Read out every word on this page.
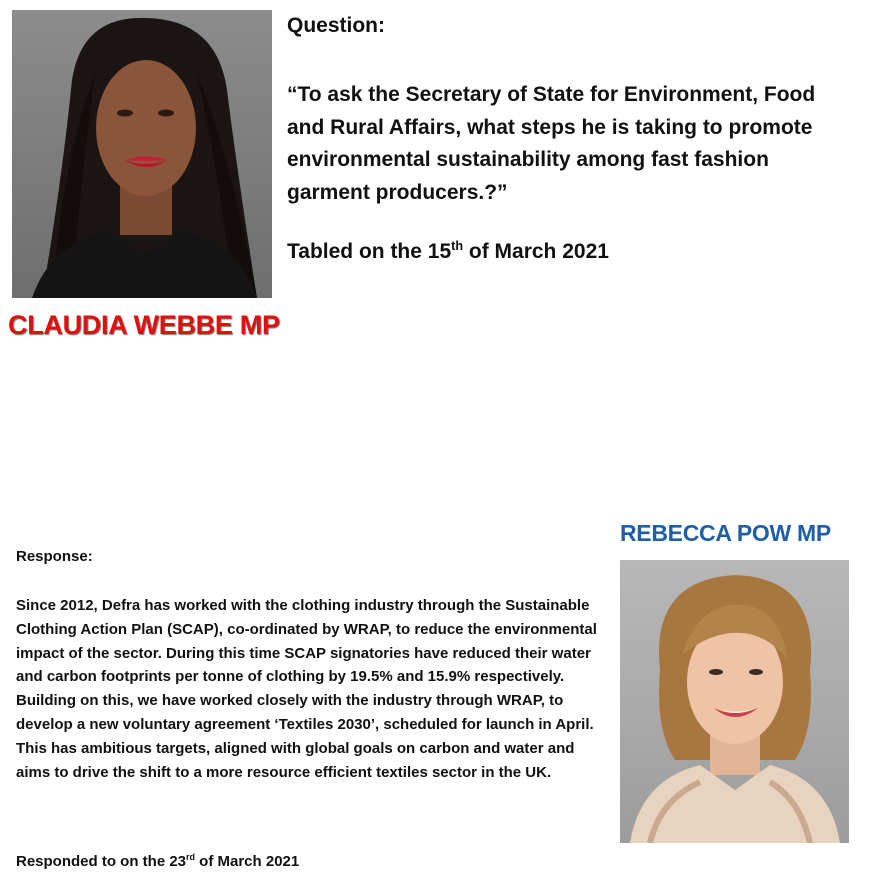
Question:

“To ask the Secretary of State for Environment, Food and Rural Affairs, what steps he is taking to promote environmental sustainability among fast fashion garment producers.?”

Tabled on the 15th of March 2021

CLAUDIA WEBBE MP
REBECCA POW MP
Response:

Since 2012, Defra has worked with the clothing industry through the Sustainable Clothing Action Plan (SCAP), co-ordinated by WRAP, to reduce the environmental impact of the sector. During this time SCAP signatories have reduced their water and carbon footprints per tonne of clothing by 19.5% and 15.9% respectively. Building on this, we have worked closely with the industry through WRAP, to develop a new voluntary agreement ‘Textiles 2030’, scheduled for launch in April. This has ambitious targets, aligned with global goals on carbon and water and aims to drive the shift to a more resource efficient textiles sector in the UK.

Responded to on the 23rd of March 2021
